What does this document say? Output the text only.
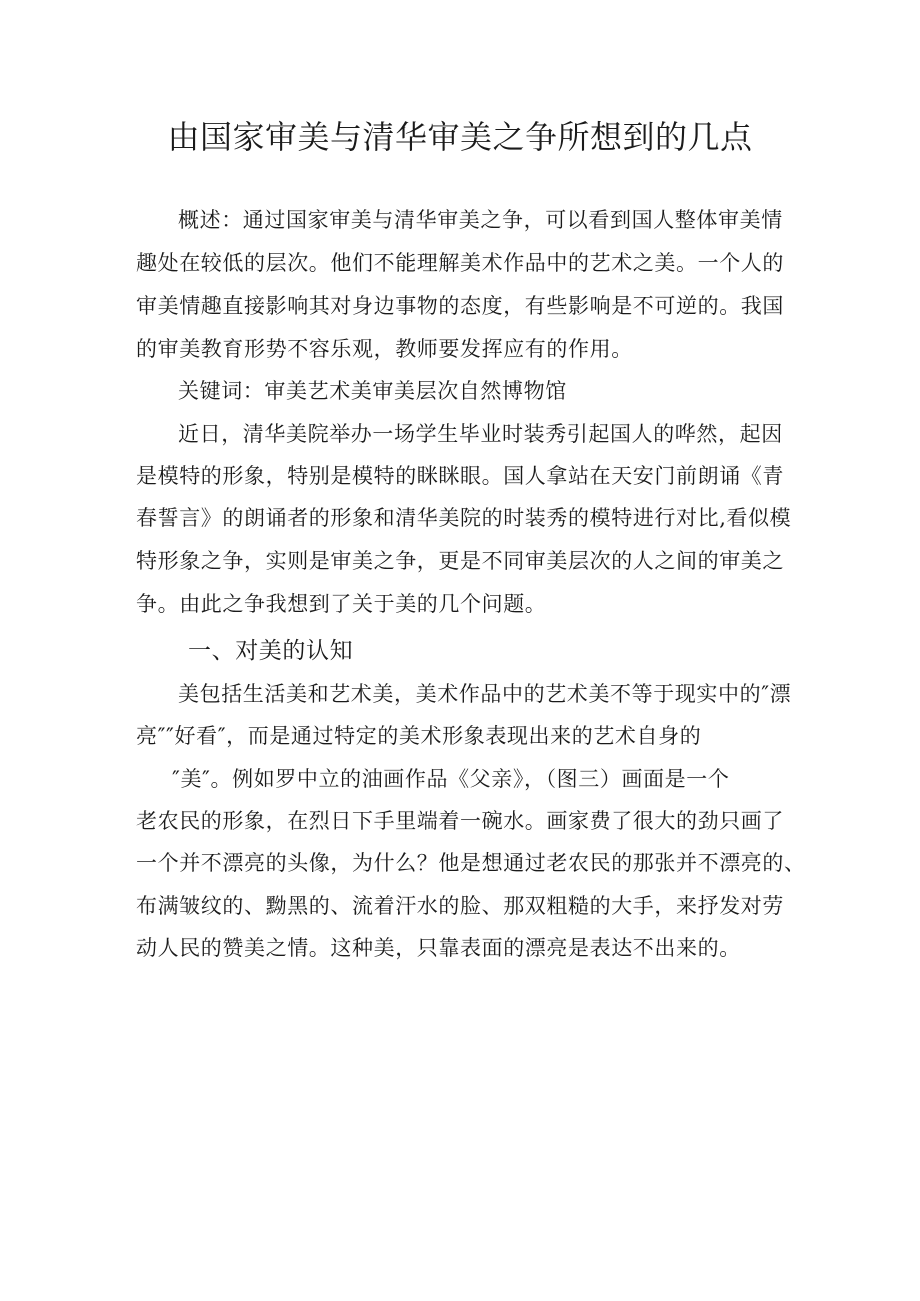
由国家审美与清华审美之争所想到的几点
概述：通过国家审美与清华审美之争，可以看到国人整体审美情
趣处在较低的层次。他们不能理解美术作品中的艺术之美。一个人的
审美情趣直接影响其对身边事物的态度，有些影响是不可逆的。我国
的审美教育形势不容乐观，教师要发挥应有的作用。
关键词：审美艺术美审美层次自然博物馆
近日，清华美院举办一场学生毕业时装秀引起国人的哗然，起因
是模特的形象，特别是模特的眯眯眼。国人拿站在天安门前朗诵《青
春誓言》的朗诵者的形象和清华美院的时装秀的模特进行对比,看似模
特形象之争，实则是审美之争，更是不同审美层次的人之间的审美之
争。由此之争我想到了关于美的几个问题。
一、对美的认知
美包括生活美和艺术美，美术作品中的艺术美不等于现实中的″漂
亮″″好看″，而是通过特定的美术形象表现出来的艺术自身的
″美″。例如罗中立的油画作品《父亲》，（图三）画面是一个
老农民的形象，在烈日下手里端着一碗水。画家费了很大的劲只画了
一个并不漂亮的头像，为什么？他是想通过老农民的那张并不漂亮的、
布满皱纹的、黝黑的、流着汗水的脸、那双粗糙的大手，来抒发对劳
动人民的赞美之情。这种美，只靠表面的漂亮是表达不出来的。
